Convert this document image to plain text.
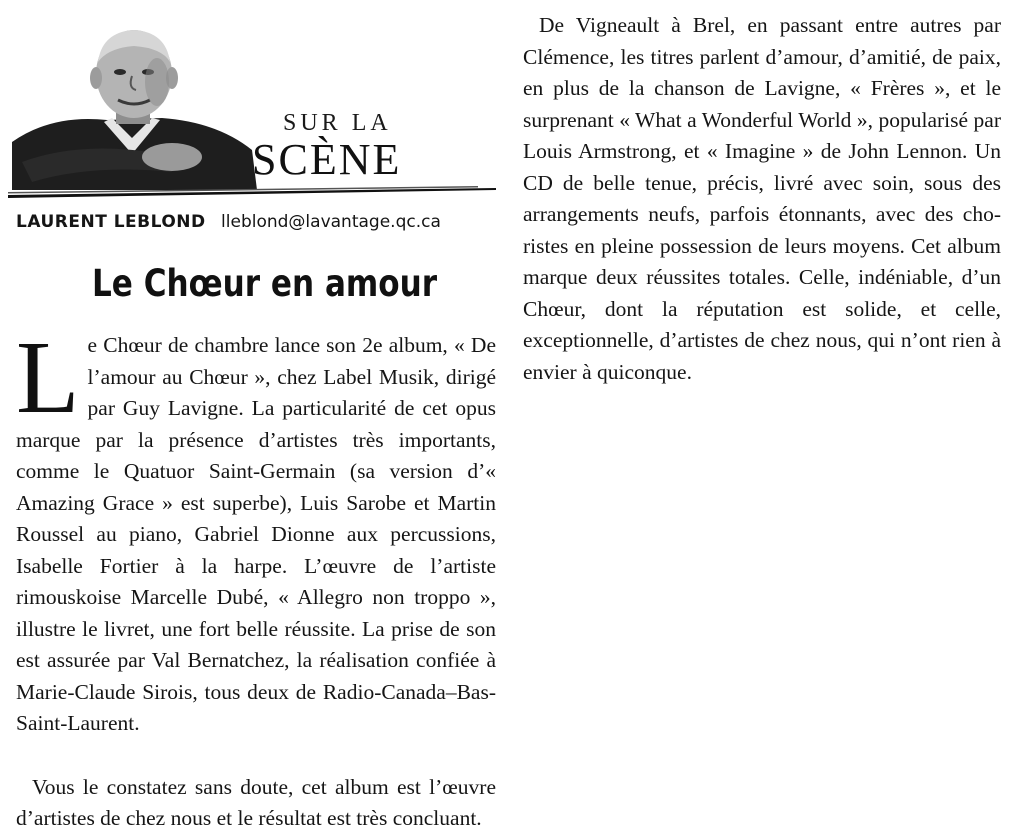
SUR LA
SCÈNE
LAURENT LEBLOND lleblond@lavantage.qc.ca
Le Chœur en amour

Le Chœur de chambre lance son 2e album, « De l’amour au Chœur », chez Label Musik, dirigé par Guy Lavigne. La particularité de cet opus marque par la présence d’artistes très importants, comme le Quatuor Saint-Germain (sa version d’« Amazing Grace » est superbe), Luis Sarobe et Martin Roussel au piano, Gabriel Dionne aux percussions, Isabelle Fortier à la harpe. L’œuvre de l’artiste rimouskoise Marcelle Dubé, « Allegro non troppo », illustre le livret, une fort belle réussite. La prise de son est assurée par Val Bernatchez, la réalisation confiée à Marie-Claude Sirois, tous deux de Radio-Canada–Bas-Saint-Laurent.

Vous le constatez sans doute, cet album est l’œuvre d’artistes de chez nous et le résultat est très concluant.

De Vigneault à Brel, en passant entre autres par Clémence, les titres parlent d’amour, d’amitié, de paix, en plus de la chanson de Lavigne, « Frères », et le surprenant « What a Wonderful World », popularisé par Louis Armstrong, et « Imagine » de John Lennon. Un CD de belle tenue, précis, livré avec soin, sous des arrangements neufs, parfois étonnants, avec des choristes en pleine possession de leurs moyens. Cet album marque deux réussites totales. Celle, indéniable, d’un Chœur, dont la réputation est solide, et celle, exceptionnelle, d’artistes de chez nous, qui n’ont rien à envier à quiconque.
